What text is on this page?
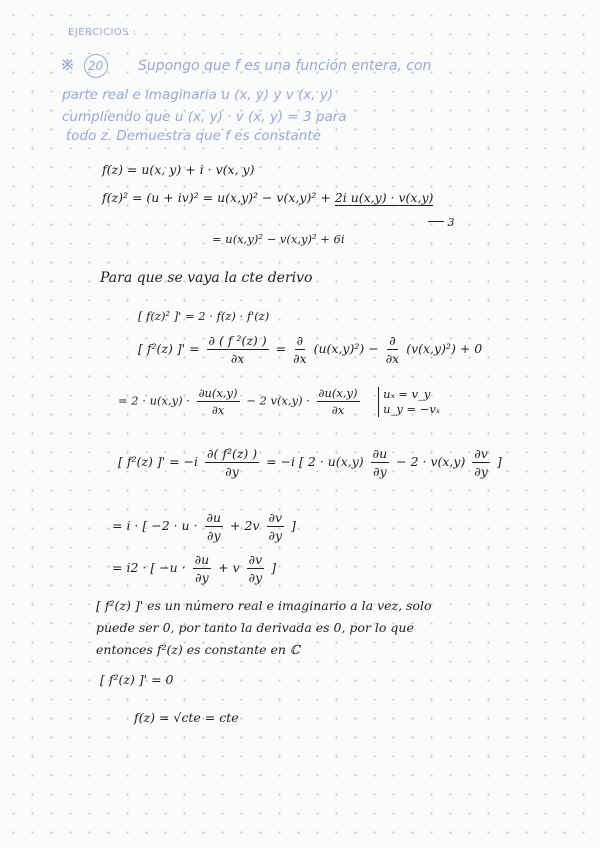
EJERCICIOS :
※ 20 Supongo que f es una función entera, con
parte real e imaginaria u (x, y) y v (x, y)
cumpliendo que u (x, y) · v (x, y) = 3 para
todo z. Demuestra que f es constante
f(z) = u(x, y) + i · v(x, y)
f(z)² = (u + iv)² = u(x,y)² − v(x,y)² + 2i u(x,y) · v(x,y)
3
= u(x,y)² − v(x,y)² + 6i
Para que se vaya la cte derivo
[ f(z)² ]' = 2 · f(z) · f'(z)
[ f²(z) ]' = $\frac{\text{∂ ( f ²(z) )}}{\partial x} = \frac{\partial}{\partial x} (u(x,y)^2) - \frac{\partial}{\partial x} (v(x,y)^2) + 0$
= $2 \cdot u(x,y) \cdot \frac{\partial u(x,y)}{\partial x} - 2$ $v(x,y) \cdot \frac{\partial u(x,y)}{\partial x}$
uₓ = v_y
u_y = −vₓ
[ f²(z) ]' = $-i \frac{\text{∂( f²(z) )}}{\partial y} = -i$ [ $2 \cdot u(x,y) \frac{\partial u}{\partial y} - 2 \cdot v(x,y) \frac{\partial v}{\partial y}$ ]
= i · [ $-2 \cdot u \cdot \frac{\partial u}{\partial y} + 2v \frac{\partial v}{\partial y}$ ]
= i2 · [ $-u \cdot \frac{\partial u}{\partial y} + v \frac{\partial v}{\partial y}$ ]
[ f²(z) ]' es un número real e imaginario a la vez, solo
puede ser 0, por tanto la derivada es 0, por lo que
entonces f²(z) es constante en ℂ
[ f²(z) ]' = 0
f(z) = √cte = cte
